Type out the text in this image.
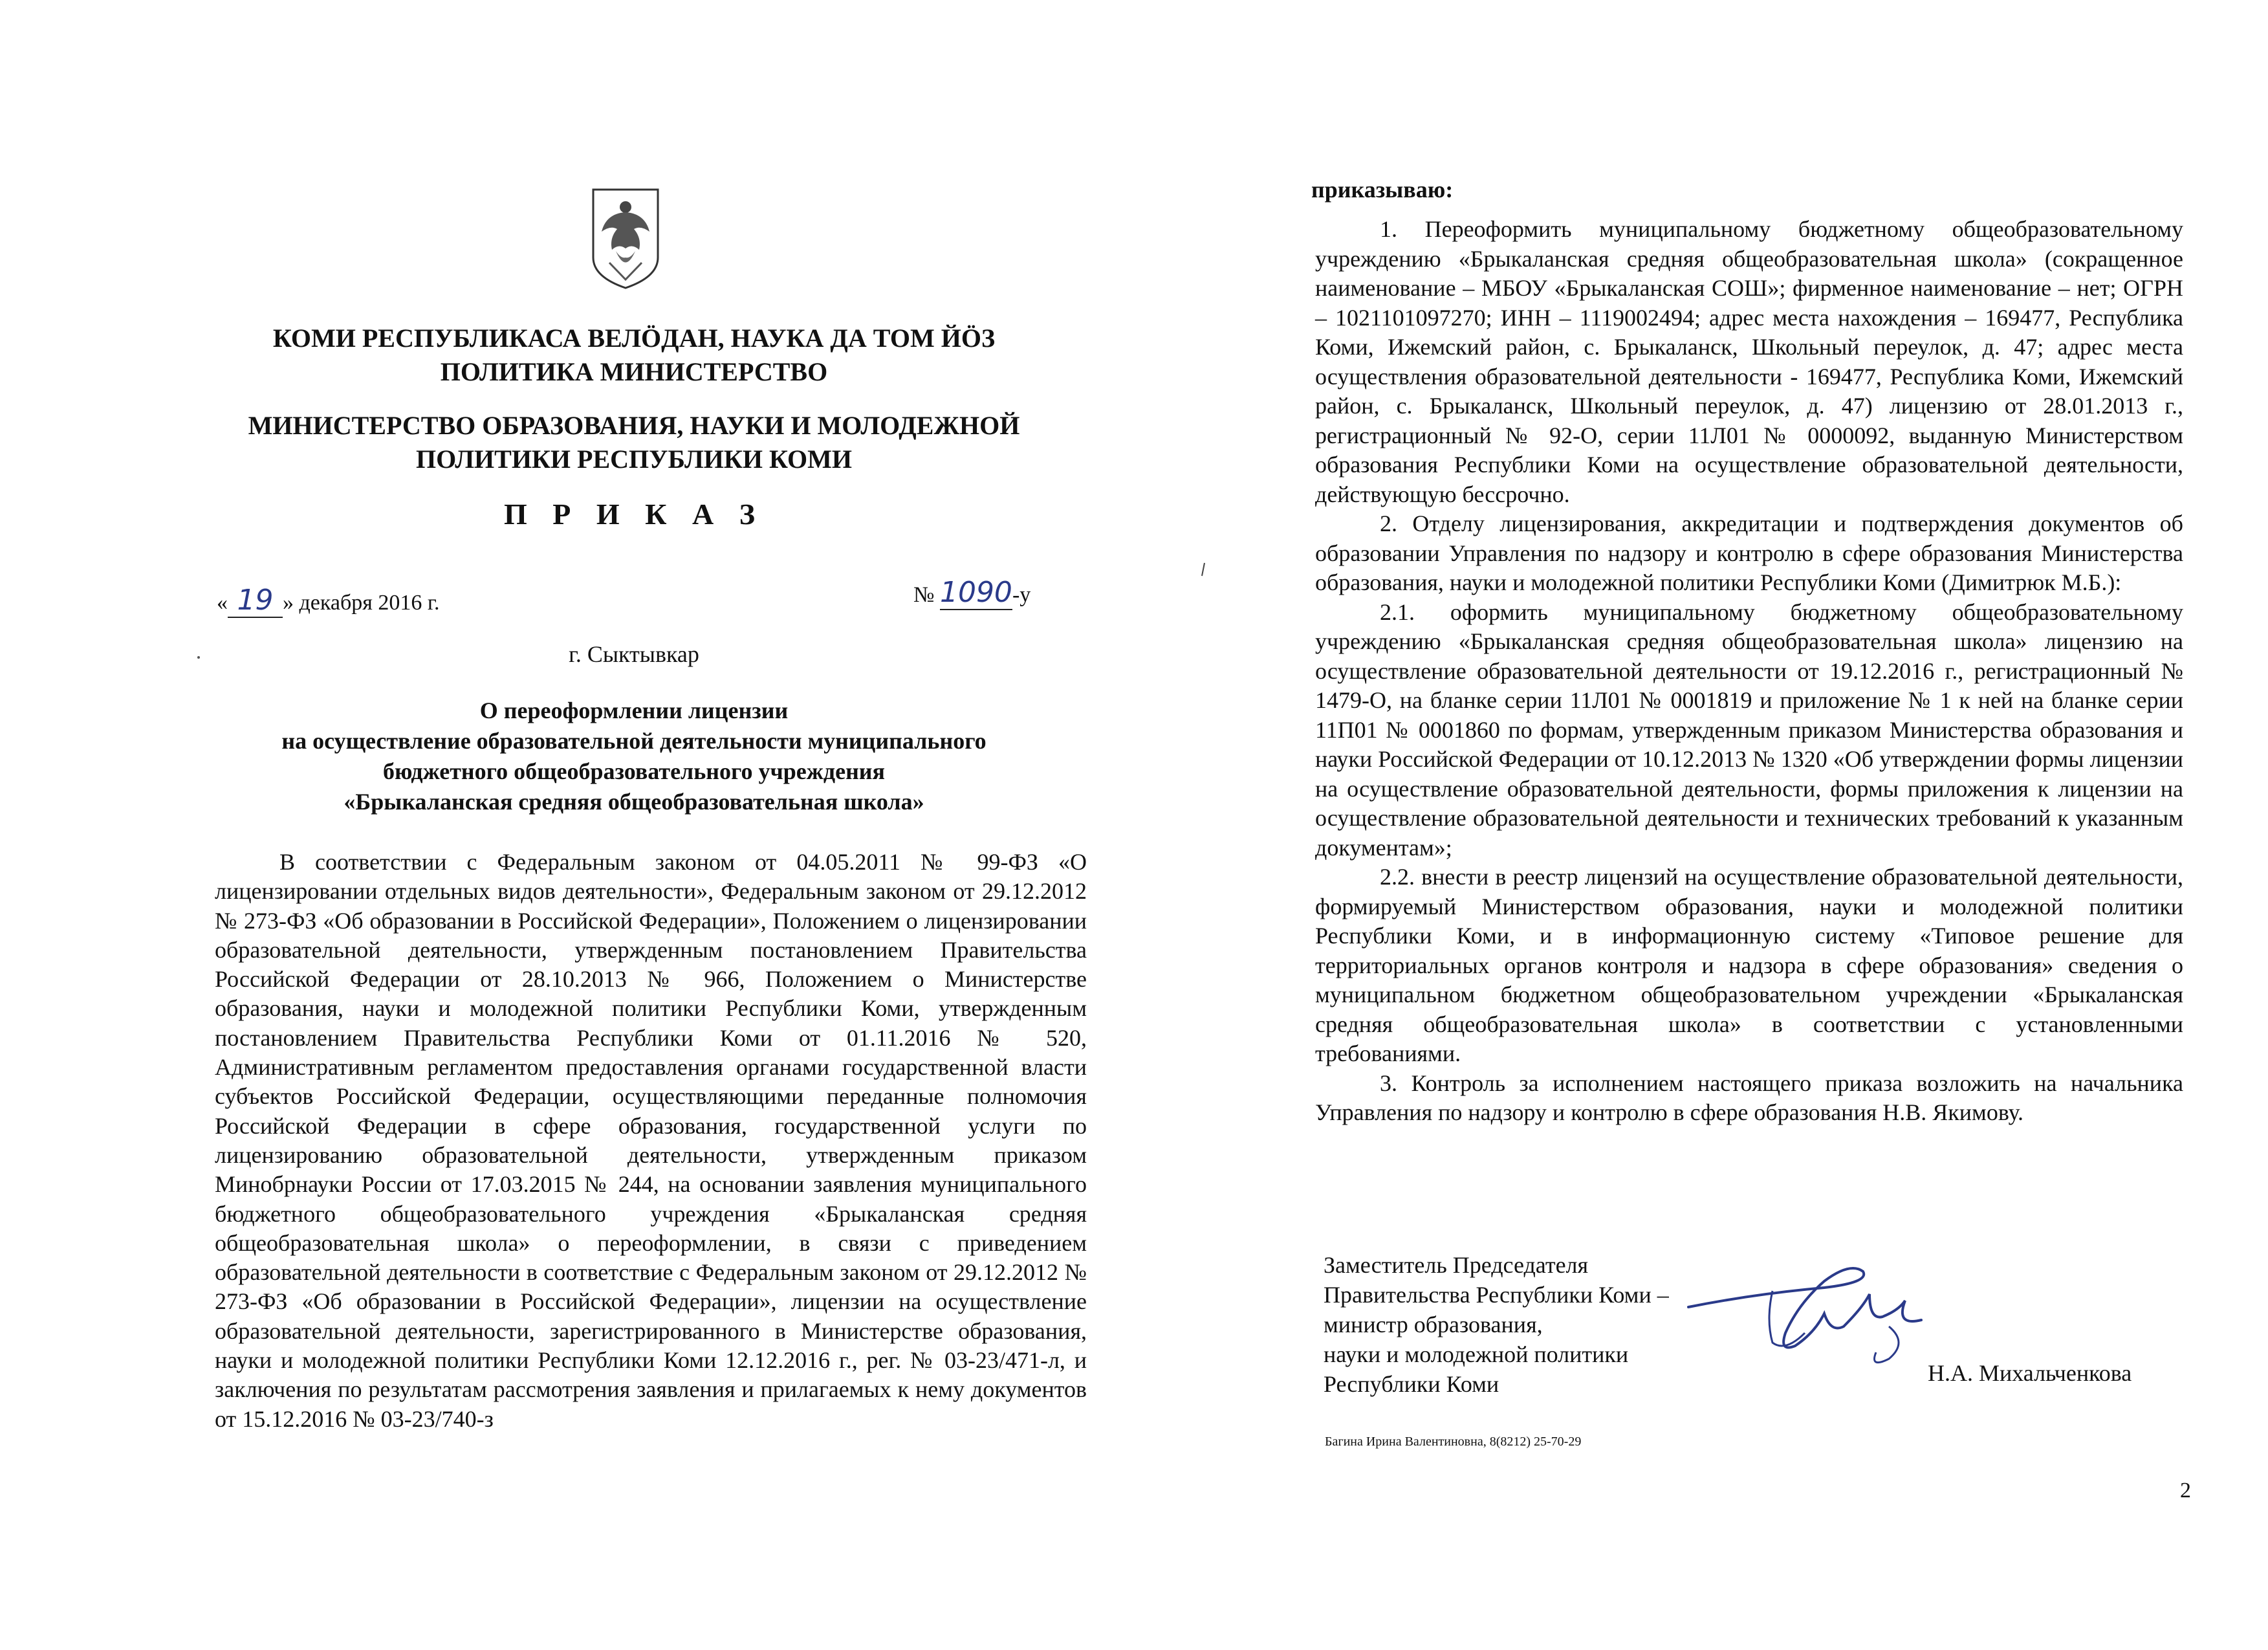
КОМИ РЕСПУБЛИКАСА ВЕЛӦДАН, НАУКА ДА ТОМ ЙӦЗ
ПОЛИТИКА МИНИСТЕРСТВО
МИНИСТЕРСТВО ОБРАЗОВАНИЯ, НАУКИ И МОЛОДЕЖНОЙ
ПОЛИТИКИ РЕСПУБЛИКИ КОМИ
П Р И К А З
« 19 » декабря 2016 г.	№ 1090-у
г. Сыктывкар
О переоформлении лицензии
на осуществление образовательной деятельности муниципального
бюджетного общеобразовательного учреждения
«Брыкаланская средняя общеобразовательная школа»

В соответствии с Федеральным законом от 04.05.2011 № 99-ФЗ «О лицензировании отдельных видов деятельности», Федеральным законом от 29.12.2012 № 273-ФЗ «Об образовании в Российской Федерации», Положением о лицензировании образовательной деятельности, утвержденным постановлением Правительства Российской Федерации от 28.10.2013 № 966, Положением о Министерстве образования, науки и молодежной политики Республики Коми, утвержденным постановлением Правительства Республики Коми от 01.11.2016 № 520, Административным регламентом предоставления органами государственной власти субъектов Российской Федерации, осуществляющими переданные полномочия Российской Федерации в сфере образования, государственной услуги по лицензированию образовательной деятельности, утвержденным приказом Минобрнауки России от 17.03.2015 № 244, на основании заявления муниципального бюджетного общеобразовательного учреждения «Брыкаланская средняя общеобразовательная школа» о переоформлении, в связи с приведением образовательной деятельности в соответствие с Федеральным законом от 29.12.2012 № 273-ФЗ «Об образовании в Российской Федерации», лицензии на осуществление образовательной деятельности, зарегистрированного в Министерстве образования, науки и молодежной политики Республики Коми 12.12.2016 г., рег. № 03-23/471-л, и заключения по результатам рассмотрения заявления и прилагаемых к нему документов от 15.12.2016 № 03-23/740-з

приказываю:

1. Переоформить муниципальному бюджетному общеобразовательному учреждению «Брыкаланская средняя общеобразовательная школа» (сокращенное наименование – МБОУ «Брыкаланская СОШ»; фирменное наименование – нет; ОГРН – 1021101097270; ИНН – 1119002494; адрес места нахождения – 169477, Республика Коми, Ижемский район, с. Брыкаланск, Школьный переулок, д. 47; адрес места осуществления образовательной деятельности - 169477, Республика Коми, Ижемский район, с. Брыкаланск, Школьный переулок, д. 47) лицензию от 28.01.2013 г., регистрационный № 92-О, серии 11Л01 № 0000092, выданную Министерством образования Республики Коми на осуществление образовательной деятельности, действующую бессрочно.

2. Отделу лицензирования, аккредитации и подтверждения документов об образовании Управления по надзору и контролю в сфере образования Министерства образования, науки и молодежной политики Республики Коми (Димитрюк М.Б.):

2.1. оформить муниципальному бюджетному общеобразовательному учреждению «Брыкаланская средняя общеобразовательная школа» лицензию на осуществление образовательной деятельности от 19.12.2016 г., регистрационный № 1479-О, на бланке серии 11Л01 № 0001819 и приложение № 1 к ней на бланке серии 11П01 № 0001860 по формам, утвержденным приказом Министерства образования и науки Российской Федерации от 10.12.2013 № 1320 «Об утверждении формы лицензии на осуществление образовательной деятельности, формы приложения к лицензии на осуществление образовательной деятельности и технических требований к указанным документам»;

2.2. внести в реестр лицензий на осуществление образовательной деятельности, формируемый Министерством образования, науки и молодежной политики Республики Коми, и в информационную систему «Типовое решение для территориальных органов контроля и надзора в сфере образования» сведения о муниципальном бюджетном общеобразовательном учреждении «Брыкаланская средняя общеобразовательная школа» в соответствии с установленными требованиями.

3. Контроль за исполнением настоящего приказа возложить на начальника Управления по надзору и контролю в сфере образования Н.В. Якимову.

Заместитель Председателя
Правительства Республики Коми –
министр образования,
науки и молодежной политики
Республики Коми	Н.А. Михальченкова
Багина Ирина Валентиновна, 8(8212) 25-70-29
2
